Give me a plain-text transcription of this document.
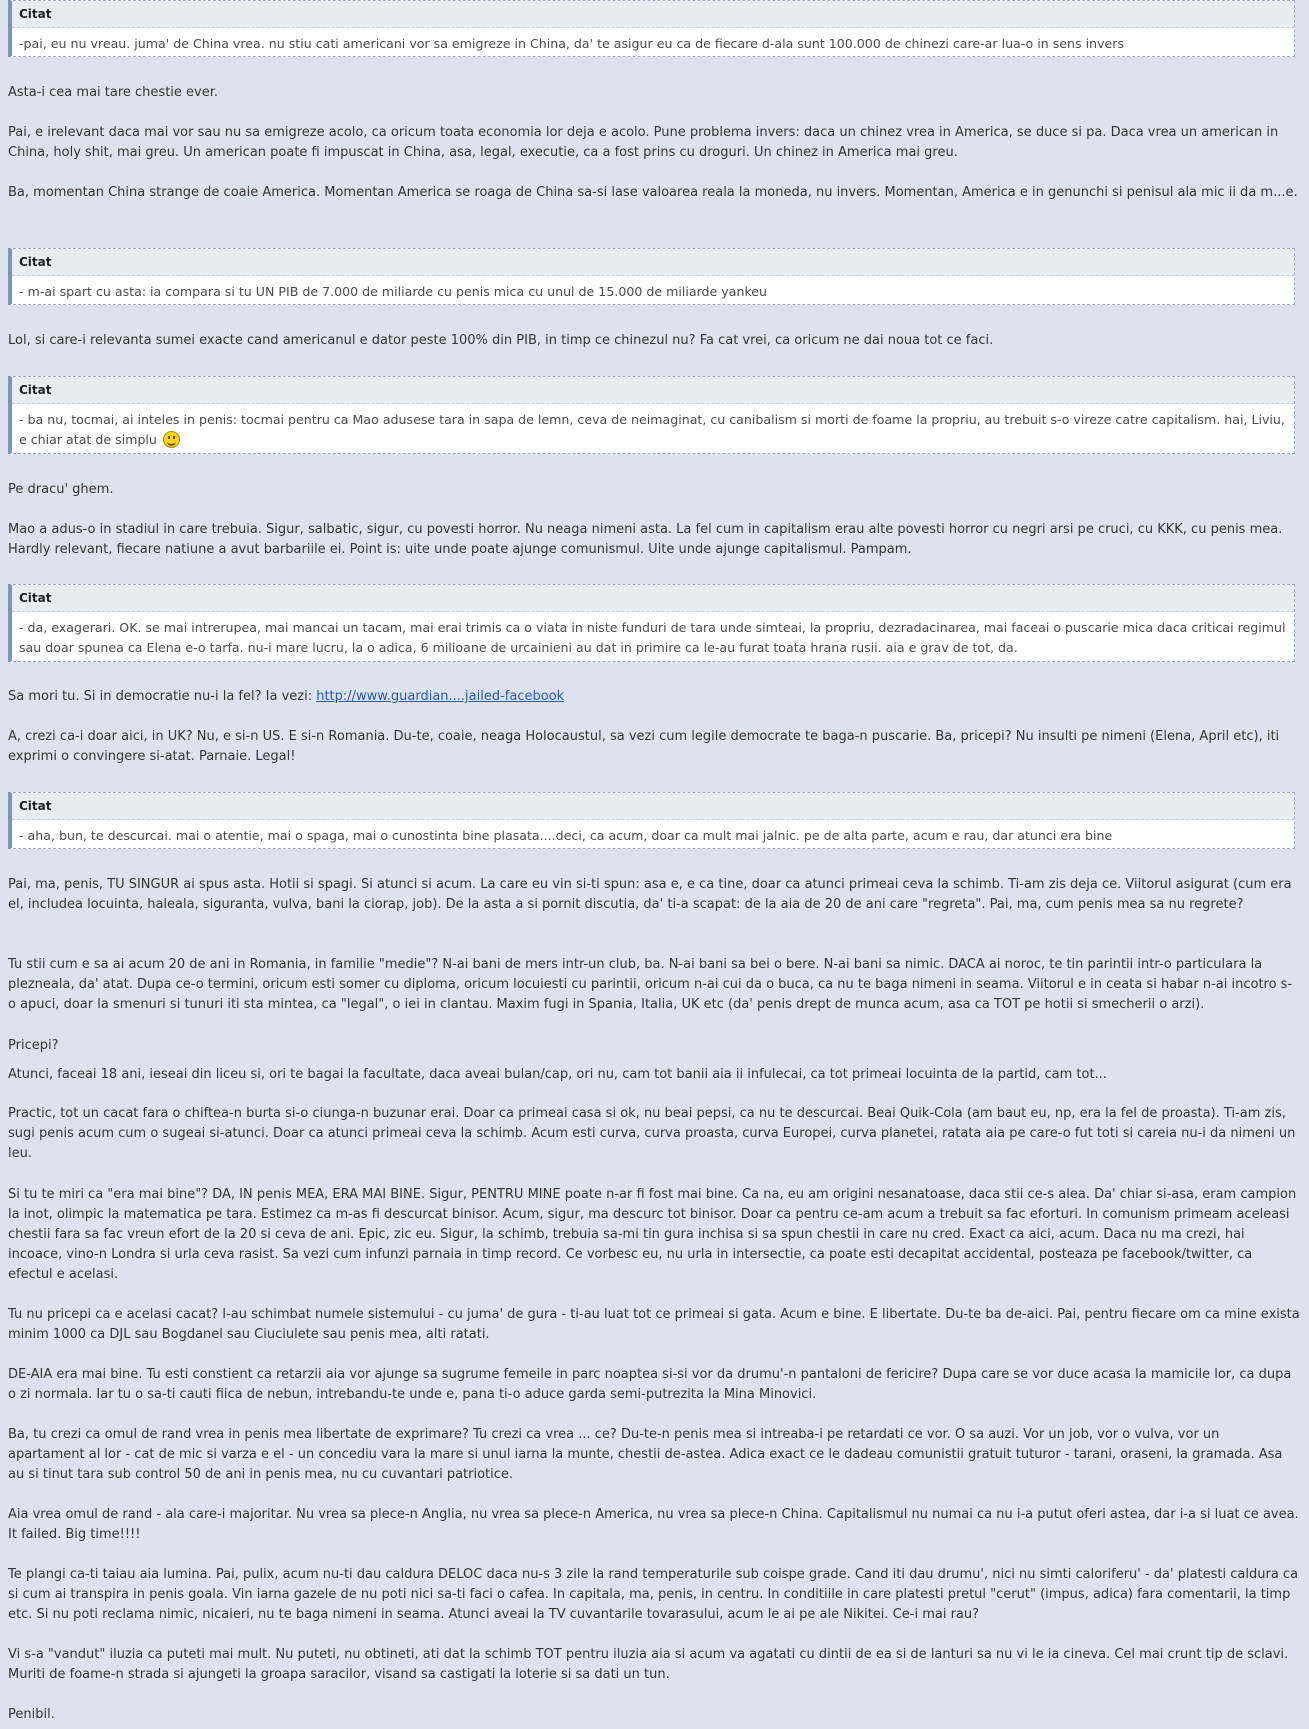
Citat
-pai, eu nu vreau. juma' de China vrea. nu stiu cati americani vor sa emigreze in China, da' te asigur eu ca de fiecare d-ala sunt 100.000 de chinezi care-ar lua-o in sens invers
Asta-i cea mai tare chestie ever.
Pai, e irelevant daca mai vor sau nu sa emigreze acolo, ca oricum toata economia lor deja e acolo. Pune problema invers: daca un chinez vrea in America, se duce si pa. Daca vrea un american in China, holy shit, mai greu. Un american poate fi impuscat in China, asa, legal, executie, ca a fost prins cu droguri. Un chinez in America mai greu.
Ba, momentan China strange de coaie America. Momentan America se roaga de China sa-si lase valoarea reala la moneda, nu invers. Momentan, America e in genunchi si penisul ala mic ii da m...e.
Citat
- m-ai spart cu asta: ia compara si tu UN PIB de 7.000 de miliarde cu penis mica cu unul de 15.000 de miliarde yankeu
Lol, si care-i relevanta sumei exacte cand americanul e dator peste 100% din PIB, in timp ce chinezul nu? Fa cat vrei, ca oricum ne dai noua tot ce faci.
Citat
- ba nu, tocmai, ai inteles in penis: tocmai pentru ca Mao adusese tara in sapa de lemn, ceva de neimaginat, cu canibalism si morti de foame la propriu, au trebuit s-o vireze catre capitalism. hai, Liviu, e chiar atat de simplu
Pe dracu' ghem.
Mao a adus-o in stadiul in care trebuia. Sigur, salbatic, sigur, cu povesti horror. Nu neaga nimeni asta. La fel cum in capitalism erau alte povesti horror cu negri arsi pe cruci, cu KKK, cu penis mea. Hardly relevant, fiecare natiune a avut barbariile ei. Point is: uite unde poate ajunge comunismul. Uite unde ajunge capitalismul. Pampam.
Citat
- da, exagerari. OK. se mai intrerupea, mai mancai un tacam, mai erai trimis ca o viata in niste funduri de tara unde simteai, la propriu, dezradacinarea, mai faceai o puscarie mica daca criticai regimul sau doar spunea ca Elena e-o tarfa. nu-i mare lucru, la o adica, 6 milioane de urcainieni au dat in primire ca le-au furat toata hrana rusii. aia e grav de tot, da.
Sa mori tu. Si in democratie nu-i la fel? Ia vezi: http://www.guardian....jailed-facebook
A, crezi ca-i doar aici, in UK? Nu, e si-n US. E si-n Romania. Du-te, coaie, neaga Holocaustul, sa vezi cum legile democrate te baga-n puscarie. Ba, pricepi? Nu insulti pe nimeni (Elena, April etc), iti exprimi o convingere si-atat. Parnaie. Legal!
Citat
- aha, bun, te descurcai. mai o atentie, mai o spaga, mai o cunostinta bine plasata....deci, ca acum, doar ca mult mai jalnic. pe de alta parte, acum e rau, dar atunci era bine
Pai, ma, penis, TU SINGUR ai spus asta. Hotii si spagi. Si atunci si acum. La care eu vin si-ti spun: asa e, e ca tine, doar ca atunci primeai ceva la schimb. Ti-am zis deja ce. Viitorul asigurat (cum era el, includea locuinta, haleala, siguranta, vulva, bani la ciorap, job). De la asta a si pornit discutia, da' ti-a scapat: de la aia de 20 de ani care "regreta". Pai, ma, cum penis mea sa nu regrete?
Tu stii cum e sa ai acum 20 de ani in Romania, in familie "medie"? N-ai bani de mers intr-un club, ba. N-ai bani sa bei o bere. N-ai bani sa nimic. DACA ai noroc, te tin parintii intr-o particulara la plezneala, da' atat. Dupa ce-o termini, oricum esti somer cu diploma, oricum locuiesti cu parintii, oricum n-ai cui da o buca, ca nu te baga nimeni in seama. Viitorul e in ceata si habar n-ai incotro s-o apuci, doar la smenuri si tunuri iti sta mintea, ca "legal", o iei in clantau. Maxim fugi in Spania, Italia, UK etc (da' penis drept de munca acum, asa ca TOT pe hotii si smecherii o arzi).
Pricepi?
Atunci, faceai 18 ani, ieseai din liceu si, ori te bagai la facultate, daca aveai bulan/cap, ori nu, cam tot banii aia ii infulecai, ca tot primeai locuinta de la partid, cam tot...
Practic, tot un cacat fara o chiftea-n burta si-o ciunga-n buzunar erai. Doar ca primeai casa si ok, nu beai pepsi, ca nu te descurcai. Beai Quik-Cola (am baut eu, np, era la fel de proasta). Ti-am zis, sugi penis acum cum o sugeai si-atunci. Doar ca atunci primeai ceva la schimb. Acum esti curva, curva proasta, curva Europei, curva planetei, ratata aia pe care-o fut toti si careia nu-i da nimeni un leu.
Si tu te miri ca "era mai bine"? DA, IN penis MEA, ERA MAI BINE. Sigur, PENTRU MINE poate n-ar fi fost mai bine. Ca na, eu am origini nesanatoase, daca stii ce-s alea. Da' chiar si-asa, eram campion la inot, olimpic la matematica pe tara. Estimez ca m-as fi descurcat binisor. Acum, sigur, ma descurc tot binisor. Doar ca pentru ce-am acum a trebuit sa fac eforturi. In comunism primeam aceleasi chestii fara sa fac vreun efort de la 20 si ceva de ani. Epic, zic eu. Sigur, la schimb, trebuia sa-mi tin gura inchisa si sa spun chestii in care nu cred. Exact ca aici, acum. Daca nu ma crezi, hai incoace, vino-n Londra si urla ceva rasist. Sa vezi cum infunzi parnaia in timp record. Ce vorbesc eu, nu urla in intersectie, ca poate esti decapitat accidental, posteaza pe facebook/twitter, ca efectul e acelasi.
Tu nu pricepi ca e acelasi cacat? I-au schimbat numele sistemului - cu juma' de gura - ti-au luat tot ce primeai si gata. Acum e bine. E libertate. Du-te ba de-aici. Pai, pentru fiecare om ca mine exista minim 1000 ca DJL sau Bogdanel sau Ciuciulete sau penis mea, alti ratati.
DE-AIA era mai bine. Tu esti constient ca retarzii aia vor ajunge sa sugrume femeile in parc noaptea si-si vor da drumu'-n pantaloni de fericire? Dupa care se vor duce acasa la mamicile lor, ca dupa o zi normala. Iar tu o sa-ti cauti fiica de nebun, intrebandu-te unde e, pana ti-o aduce garda semi-putrezita la Mina Minovici.
Ba, tu crezi ca omul de rand vrea in penis mea libertate de exprimare? Tu crezi ca vrea ... ce? Du-te-n penis mea si intreaba-i pe retardati ce vor. O sa auzi. Vor un job, vor o vulva, vor un apartament al lor - cat de mic si varza e el - un concediu vara la mare si unul iarna la munte, chestii de-astea. Adica exact ce le dadeau comunistii gratuit tuturor - tarani, oraseni, la gramada. Asa au si tinut tara sub control 50 de ani in penis mea, nu cu cuvantari patriotice.
Aia vrea omul de rand - ala care-i majoritar. Nu vrea sa plece-n Anglia, nu vrea sa plece-n America, nu vrea sa plece-n China. Capitalismul nu numai ca nu i-a putut oferi astea, dar i-a si luat ce avea. It failed. Big time!!!!
Te plangi ca-ti taiau aia lumina. Pai, pulix, acum nu-ti dau caldura DELOC daca nu-s 3 zile la rand temperaturile sub coispe grade. Cand iti dau drumu', nici nu simti caloriferu' - da' platesti caldura ca si cum ai transpira in penis goala. Vin iarna gazele de nu poti nici sa-ti faci o cafea. In capitala, ma, penis, in centru. In conditiile in care platesti pretul "cerut" (impus, adica) fara comentarii, la timp etc. Si nu poti reclama nimic, nicaieri, nu te baga nimeni in seama. Atunci aveai la TV cuvantarile tovarasului, acum le ai pe ale Nikitei. Ce-i mai rau?
Vi s-a "vandut" iluzia ca puteti mai mult. Nu puteti, nu obtineti, ati dat la schimb TOT pentru iluzia aia si acum va agatati cu dintii de ea si de lanturi sa nu vi le ia cineva. Cel mai crunt tip de sclavi. Muriti de foame-n strada si ajungeti la groapa saracilor, visand sa castigati la loterie si sa dati un tun.
Penibil.
